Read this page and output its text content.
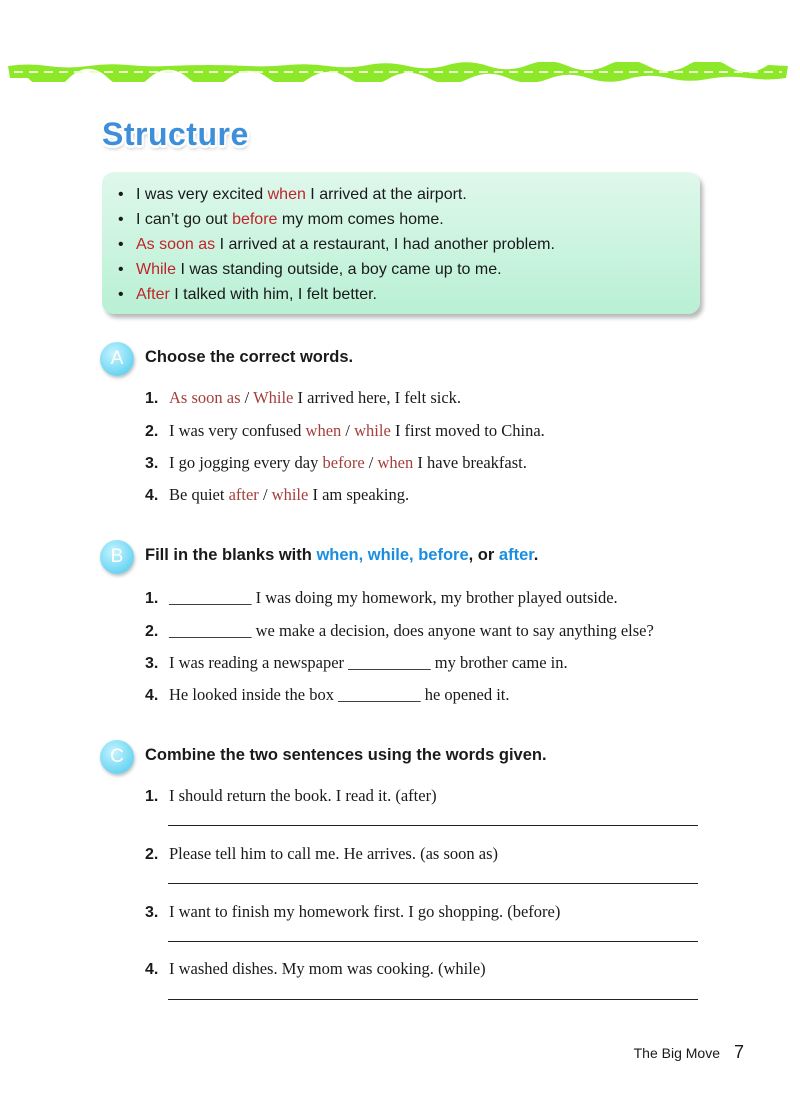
Structure
• I was very excited when I arrived at the airport.
• I can’t go out before my mom comes home.
• As soon as I arrived at a restaurant, I had another problem.
• While I was standing outside, a boy came up to me.
• After I talked with him, I felt better.
A	Choose the correct words.
1. As soon as / While I arrived here, I felt sick.
2. I was very confused when / while I first moved to China.
3. I go jogging every day before / when I have breakfast.
4. Be quiet after / while I am speaking.
B	Fill in the blanks with when, while, before, or after.
1. __________ I was doing my homework, my brother played outside.
2. __________ we make a decision, does anyone want to say anything else?
3. I was reading a newspaper __________ my brother came in.
4. He looked inside the box __________ he opened it.
C	Combine the two sentences using the words given.
1. I should return the book. I read it. (after)
2. Please tell him to call me. He arrives. (as soon as)
3. I want to finish my homework first. I go shopping. (before)
4. I washed dishes. My mom was cooking. (while)
The Big Move 7
